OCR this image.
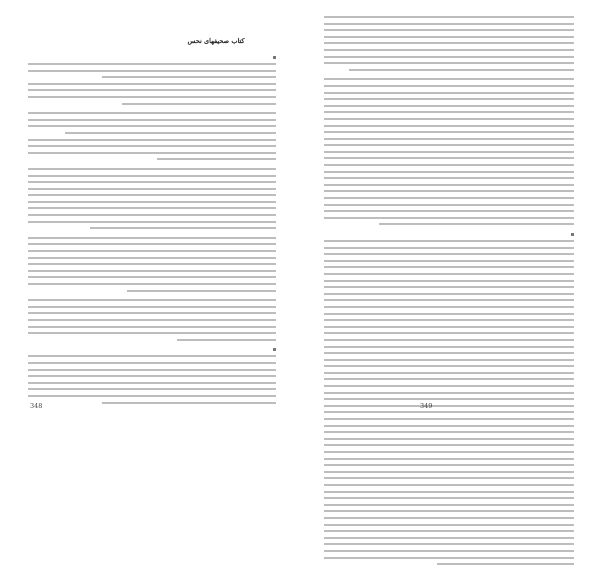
کتاب صحیفهای نحس
348	349
